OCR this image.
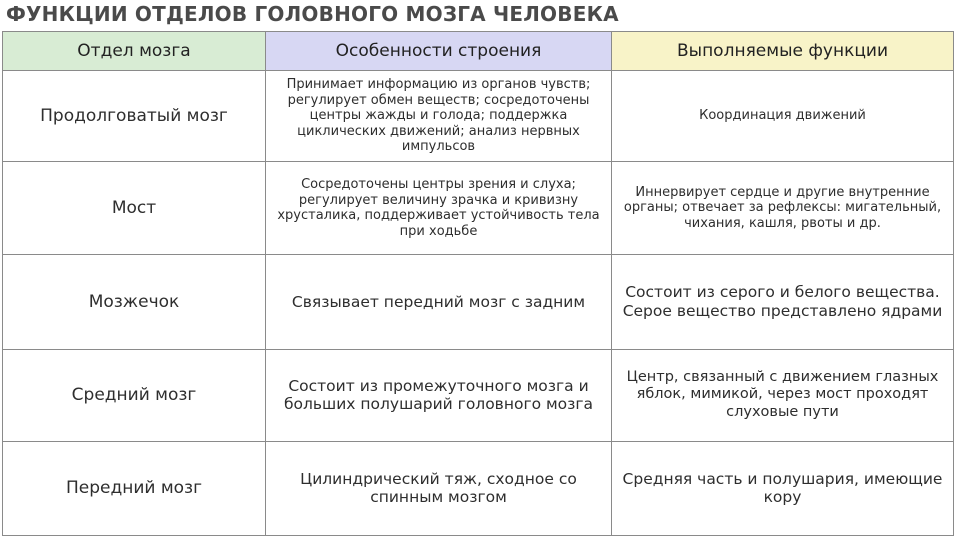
ФУНКЦИИ ОТДЕЛОВ ГОЛОВНОГО МОЗГА ЧЕЛОВЕКА
Отдел мозга	Особенности строения	Выполняемые функции
Продолговатый мозг	Принимает информацию из органов чувств; регулирует обмен веществ; сосредоточены центры жажды и голода; поддержка циклических движений; анализ нервных импульсов	Координация движений
Мост	Сосредоточены центры зрения и слуха; регулирует величину зрачка и кривизну хрусталика, поддерживает устойчивость тела при ходьбе	Иннервирует сердце и другие внутренние органы; отвечает за рефлексы: мигательный, чихания, кашля, рвоты и др.
Мозжечок	Связывает передний мозг с задним	Состоит из серого и белого вещества. Серое вещество представлено ядрами
Средний мозг	Состоит из промежуточного мозга и больших полушарий головного мозга	Центр, связанный с движением глазных яблок, мимикой, через мост проходят слуховые пути
Передний мозг	Цилиндрический тяж, сходное со спинным мозгом	Средняя часть и полушария, имеющие кору
